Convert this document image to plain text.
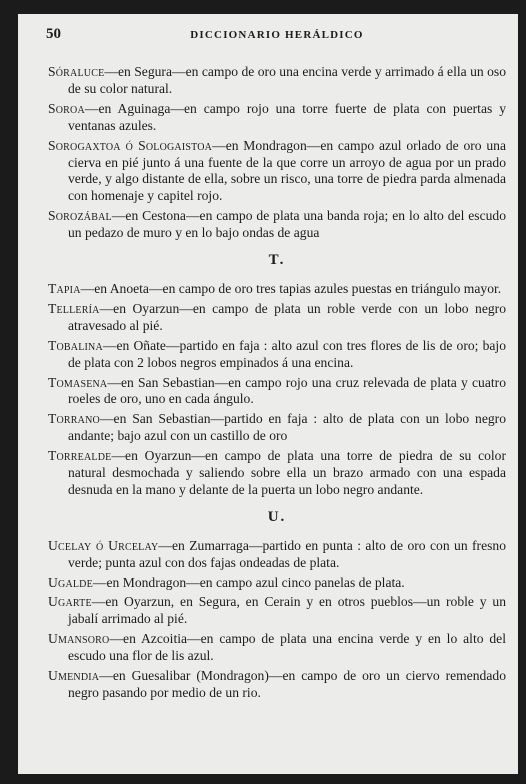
50	DICCIONARIO HERÁLDICO

Sóraluce—en Segura—en campo de oro una encina verde y arrimado á ella un oso de su color natural.

Soroa—en Aguinaga—en campo rojo una torre fuerte de plata con puertas y ventanas azules.

Sorogaxtoa ó Sologaistoa—en Mondragon—en campo azul orlado de oro una cierva en pié junto á una fuente de la que corre un arroyo de agua por un prado verde, y algo distante de ella, sobre un risco, una torre de piedra parda almenada con homenaje y capitel rojo.

Sorozábal—en Cestona—en campo de plata una banda roja; en lo alto del escudo un pedazo de muro y en lo bajo ondas de agua

T.

Tapia—en Anoeta—en campo de oro tres tapias azules puestas en triángulo mayor.

Tellería—en Oyarzun—en campo de plata un roble verde con un lobo negro atravesado al pié.

Tobalina—en Oñate—partido en faja : alto azul con tres flores de lis de oro; bajo de plata con 2 lobos negros empinados á una encina.

Tomasena—en San Sebastian—en campo rojo una cruz relevada de plata y cuatro roeles de oro, uno en cada ángulo.

Torrano—en San Sebastian—partido en faja : alto de plata con un lobo negro andante; bajo azul con un castillo de oro

Torrealde—en Oyarzun—en campo de plata una torre de piedra de su color natural desmochada y saliendo sobre ella un brazo armado con una espada desnuda en la mano y delante de la puerta un lobo negro andante.

U.

Ucelay ó Urcelay—en Zumarraga—partido en punta : alto de oro con un fresno verde; punta azul con dos fajas ondeadas de plata.

Ugalde—en Mondragon—en campo azul cinco panelas de plata.

Ugarte—en Oyarzun, en Segura, en Cerain y en otros pueblos—un roble y un jabalí arrimado al pié.

Umansoro—en Azcoitia—en campo de plata una encina verde y en lo alto del escudo una flor de lis azul.

Umendia—en Guesalibar (Mondragon)—en campo de oro un ciervo remendado negro pasando por medio de un rio.
